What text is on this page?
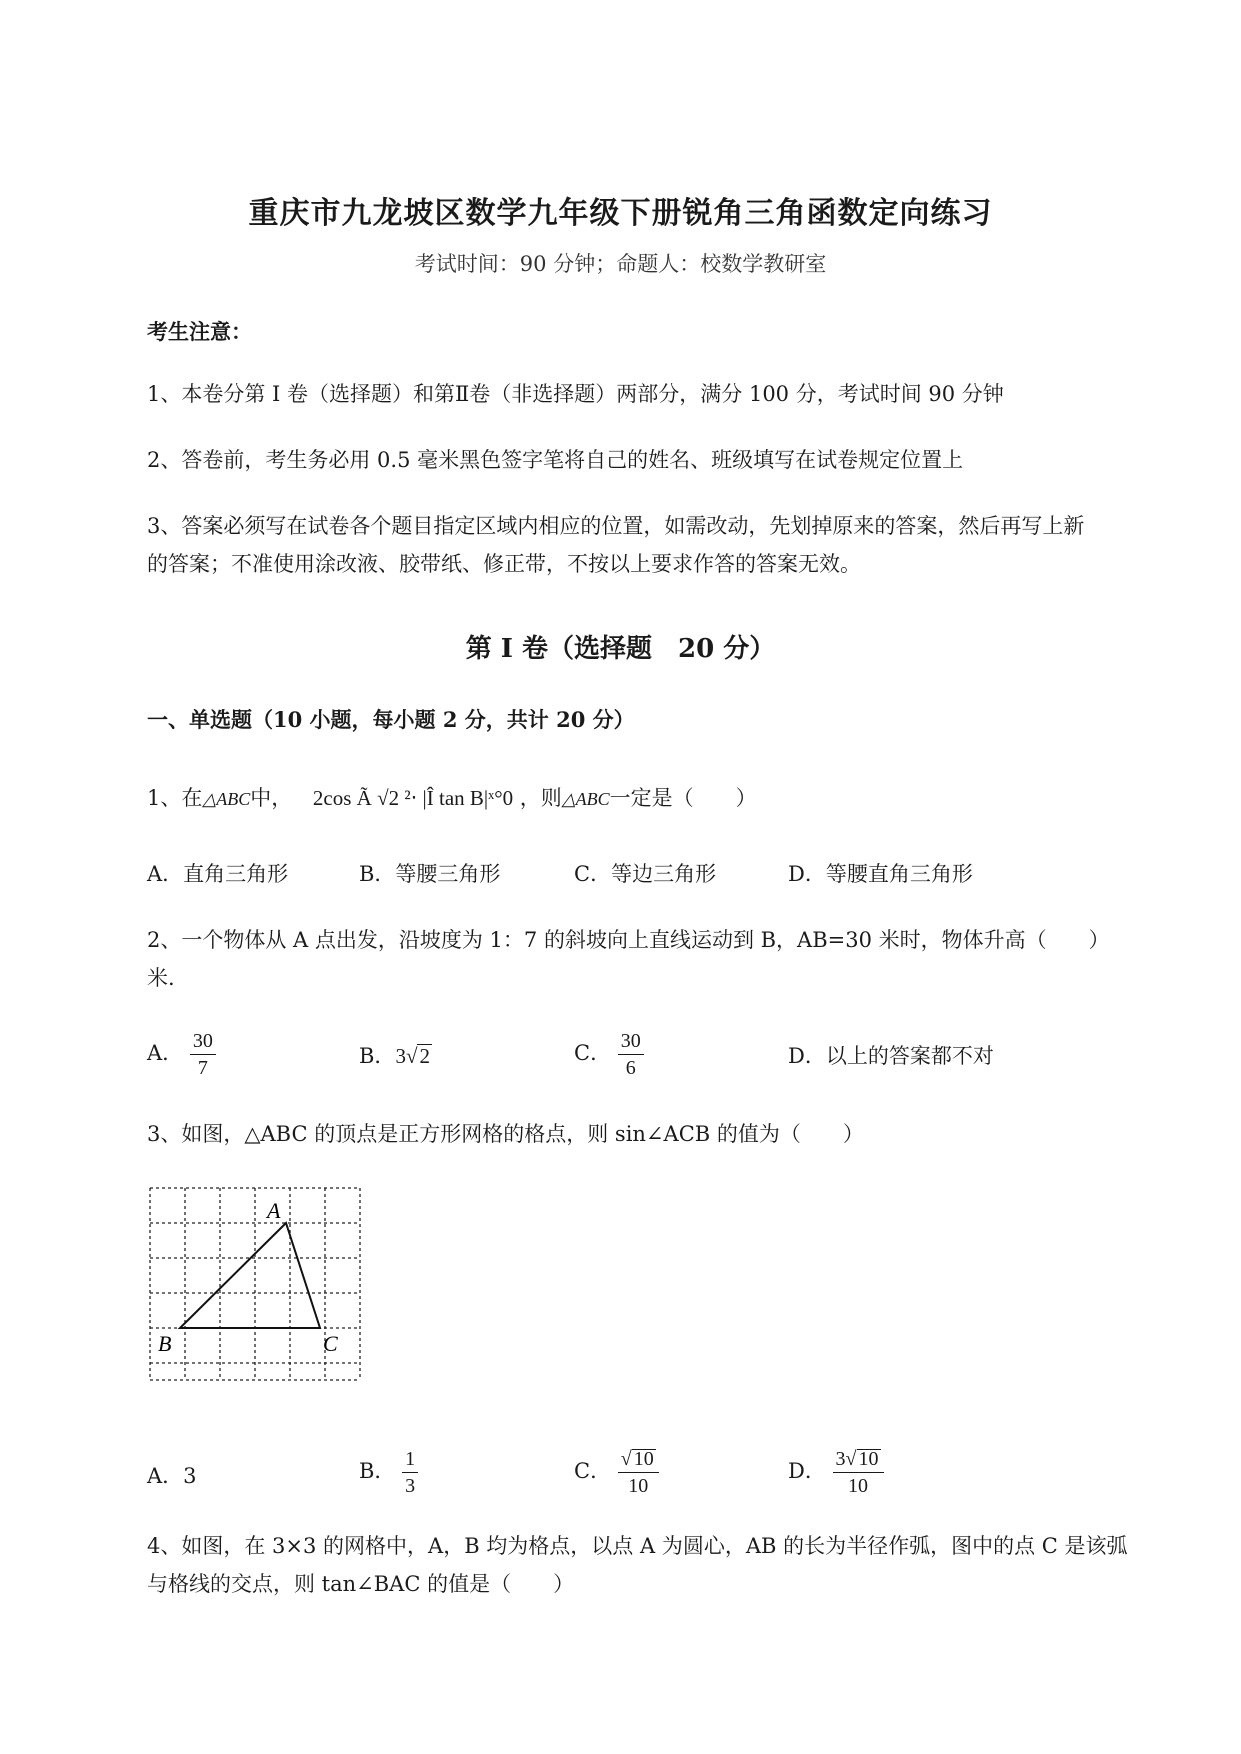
重庆市九龙坡区数学九年级下册锐角三角函数定向练习
考试时间：90 分钟；命题人：校数学教研室
考生注意：
1、本卷分第 I 卷（选择题）和第Ⅱ卷（非选择题）两部分，满分 100 分，考试时间 90 分钟
2、答卷前，考生务必用 0.5 毫米黑色签字笔将自己的姓名、班级填写在试卷规定位置上
3、答案必须写在试卷各个题目指定区域内相应的位置，如需改动，先划掉原来的答案，然后再写上新
的答案；不准使用涂改液、胶带纸、修正带，不按以上要求作答的答案无效。
第 I 卷（选择题　20 分）
一、单选题（10 小题，每小题 2 分，共计 20 分）
1、在△ABC中， 2cos Ã √2 ²‧ |Î tan B|ˣ°0 ，则△ABC一定是（　　）
A．直角三角形	B．等腰三角形	C．等边三角形	D．等腰直角三角形
2、一个物体从 A 点出发，沿坡度为 1：7 的斜坡向上直线运动到 B，AB=30 米时，物体升高（　　）
米.
A． $\frac{30}{7}$	B．3√2	C． $\frac{30}{6}$	D．以上的答案都不对
3、如图，△ABC 的顶点是正方形网格的格点，则 sin∠ACB 的值为（　　）
A
B	C
A．3	B． $\frac{1}{3}$	C． $\frac{√ 10}{10}$	D． $\frac{3√ 10}{10}$
4、如图，在 3×3 的网格中，A，B 均为格点，以点 A 为圆心，AB 的长为半径作弧，图中的点 C 是该弧
与格线的交点，则 tan∠BAC 的值是（　　）
